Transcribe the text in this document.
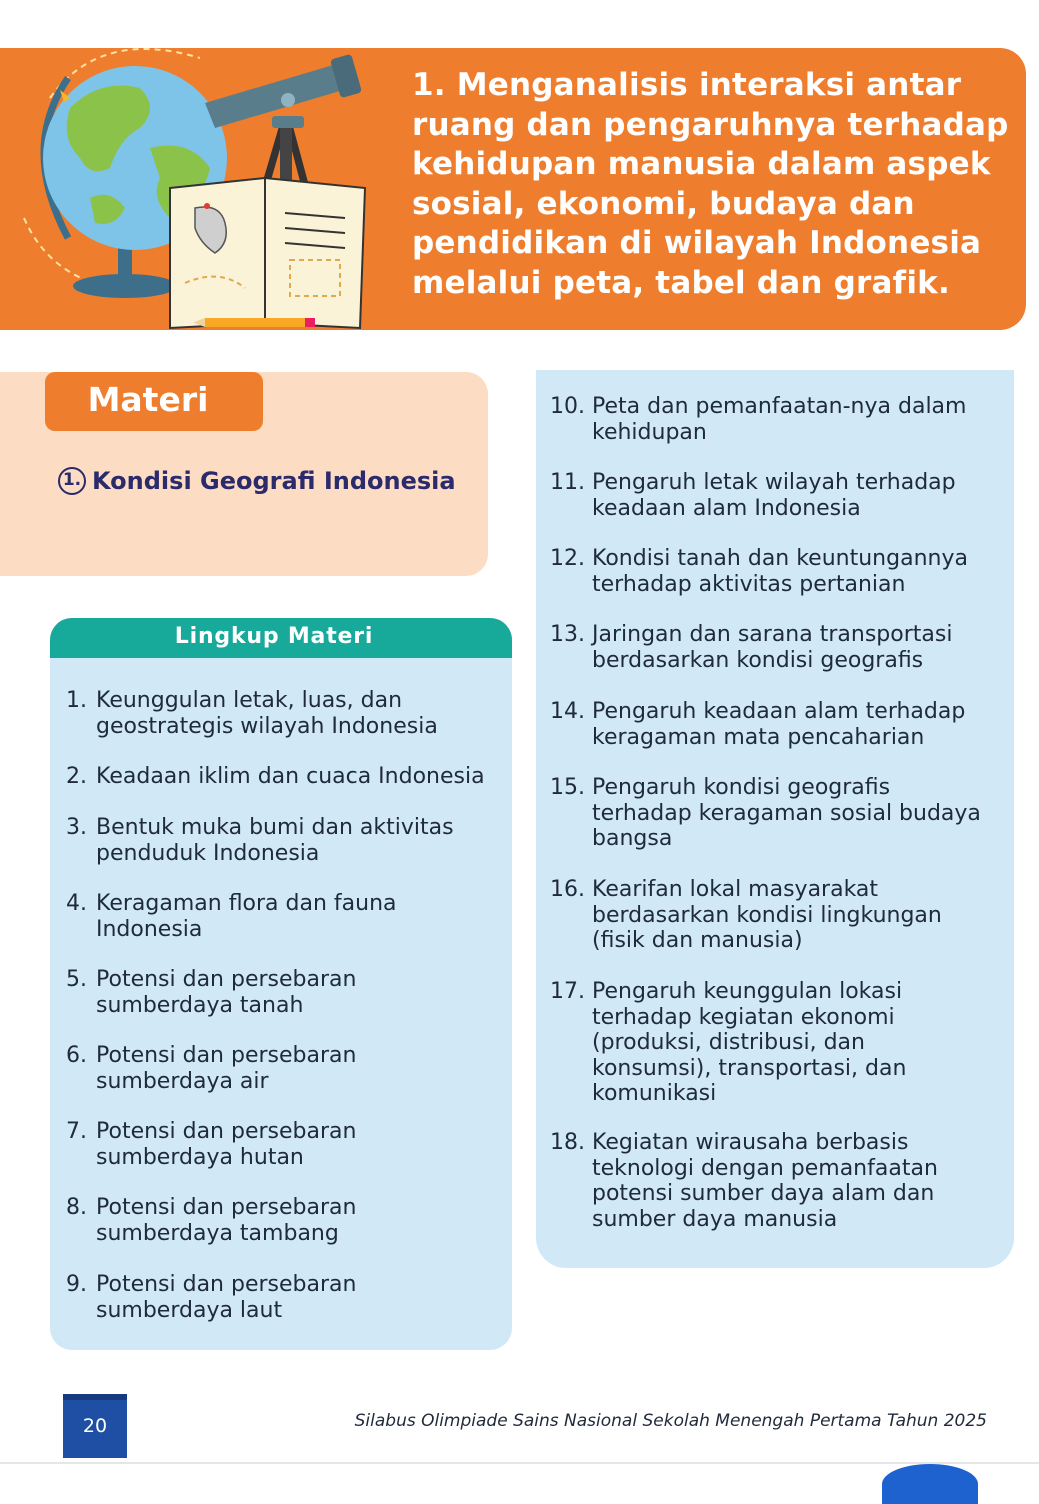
1. Menganalisis interaksi antar
ruang dan pengaruhnya terhadap
kehidupan manusia dalam aspek
sosial, ekonomi, budaya dan
pendidikan di wilayah Indonesia
melalui peta, tabel dan grafik.
Materi
1. Kondisi Geografi Indonesia
Lingkup Materi
1. Keunggulan letak, luas, dan
geostrategis wilayah Indonesia
2. Keadaan iklim dan cuaca Indonesia
3. Bentuk muka bumi dan aktivitas
penduduk Indonesia
4. Keragaman flora dan fauna
Indonesia
5. Potensi dan persebaran
sumberdaya tanah
6. Potensi dan persebaran
sumberdaya air
7. Potensi dan persebaran
sumberdaya hutan
8. Potensi dan persebaran
sumberdaya tambang
9. Potensi dan persebaran
sumberdaya laut
10. Peta dan pemanfaatan-nya dalam
kehidupan
11. Pengaruh letak wilayah terhadap
keadaan alam Indonesia
12. Kondisi tanah dan keuntungannya
terhadap aktivitas pertanian
13. Jaringan dan sarana transportasi
berdasarkan kondisi geografis
14. Pengaruh keadaan alam terhadap
keragaman mata pencaharian
15. Pengaruh kondisi geografis
terhadap keragaman sosial budaya
bangsa
16. Kearifan lokal masyarakat
berdasarkan kondisi lingkungan
(fisik dan manusia)
17. Pengaruh keunggulan lokasi
terhadap kegiatan ekonomi
(produksi, distribusi, dan
konsumsi), transportasi, dan
komunikasi
18. Kegiatan wirausaha berbasis
teknologi dengan pemanfaatan
potensi sumber daya alam dan
sumber daya manusia
20	Silabus Olimpiade Sains Nasional Sekolah Menengah Pertama Tahun 2025
